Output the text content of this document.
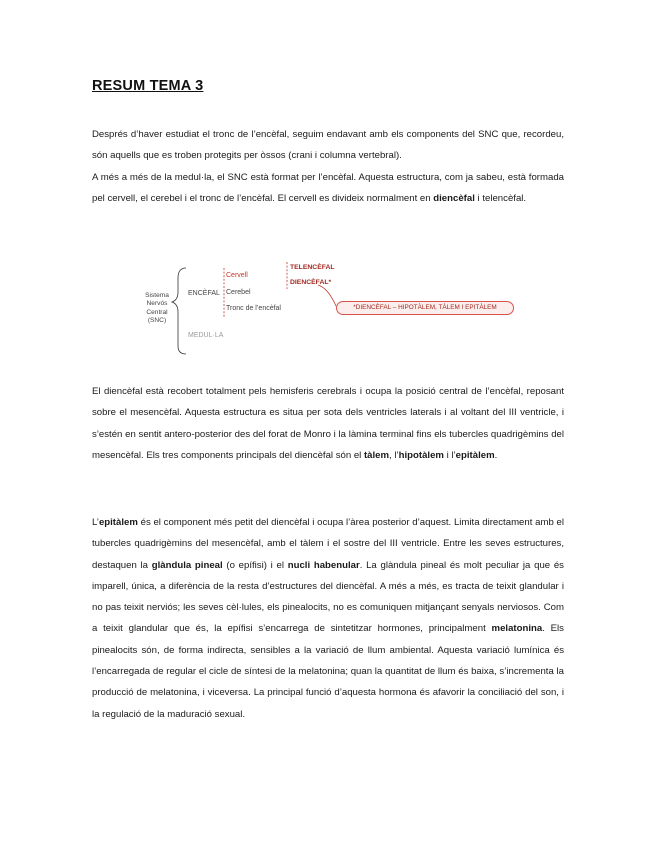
RESUM TEMA 3

Després d’haver estudiat el tronc de l’encèfal, seguim endavant amb els components del SNC que, recordeu, són aquells que es troben protegits per òssos (crani i columna vertebral).

A més a més de la medul·la, el SNC està format per l’encèfal. Aquesta estructura, com ja sabeu, està formada pel cervell, el cerebel i el tronc de l’encèfal. El cervell es divideix normalment en diencèfal i telencèfal.

Sistema Nervós Central (SNC)
ENCÈFAL
MEDUL·LA
Cervell
Cerebel
Tronc de l’encèfal
TELENCÈFAL
DIENCÈFAL*
*DIENCÈFAL – HIPOTÀLEM, TÀLEM I EPITÀLEM

El diencèfal està recobert totalment pels hemisferis cerebrals i ocupa la posició central de l’encèfal, reposant sobre el mesencèfal. Aquesta estructura es situa per sota dels ventricles laterals i al voltant del III ventricle, i s’estén en sentit antero-posterior des del forat de Monro i la làmina terminal fins els tubercles quadrigèmins del mesencèfal. Els tres components principals del diencèfal són el tàlem, l’hipotàlem i l’epitàlem.

L’epitàlem és el component més petit del diencèfal i ocupa l’àrea posterior d’aquest. Limita directament amb el tubercles quadrigèmins del mesencèfal, amb el tàlem i el sostre del III ventricle. Entre les seves estructures, destaquen la glàndula pineal (o epífisi) i el nucli habenular. La glàndula pineal és molt peculiar ja que és imparell, única, a diferència de la resta d’estructures del diencèfal. A més a més, es tracta de teixit glandular i no pas teixit nerviós; les seves cèl·lules, els pinealocits, no es comuniquen mitjançant senyals nerviosos. Com a teixit glandular que és, la epífisi s’encarrega de sintetitzar hormones, principalment melatonina. Els pinealocits són, de forma indirecta, sensibles a la variació de llum ambiental. Aquesta variació lumínica és l’encarregada de regular el cicle de síntesi de la melatonina; quan la quantitat de llum és baixa, s’incrementa la producció de melatonina, i viceversa. La principal funció d’aquesta hormona és afavorir la conciliació del son, i la regulació de la maduració sexual.
